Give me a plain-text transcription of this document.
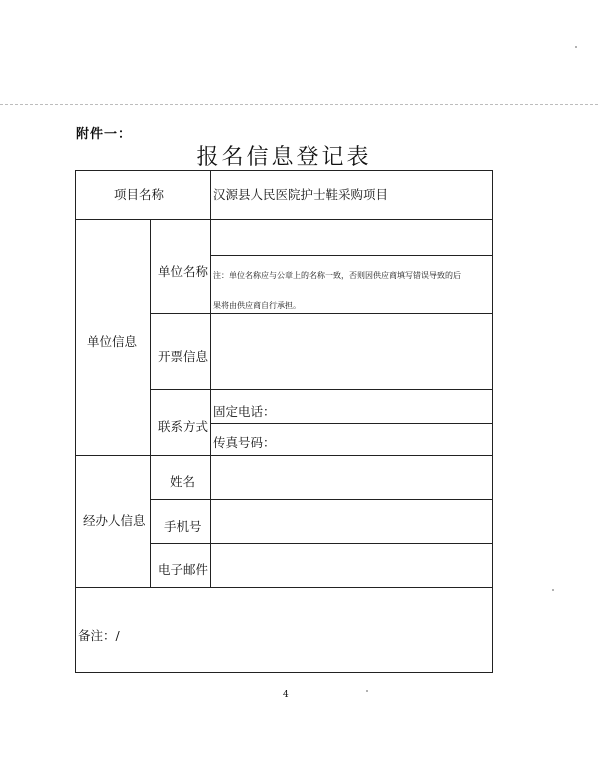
附件一：
报名信息登记表
项目名称	汉源县人民医院护士鞋采购项目
单位信息
单位名称 注：单位名称应与公章上的名称一致，否则因供应商填写错误导致的后
果将由供应商自行承担。
开票信息
联系方式
固定电话：
传真号码：
经办人信息
姓名
手机号
电子邮件
备注：/
4
